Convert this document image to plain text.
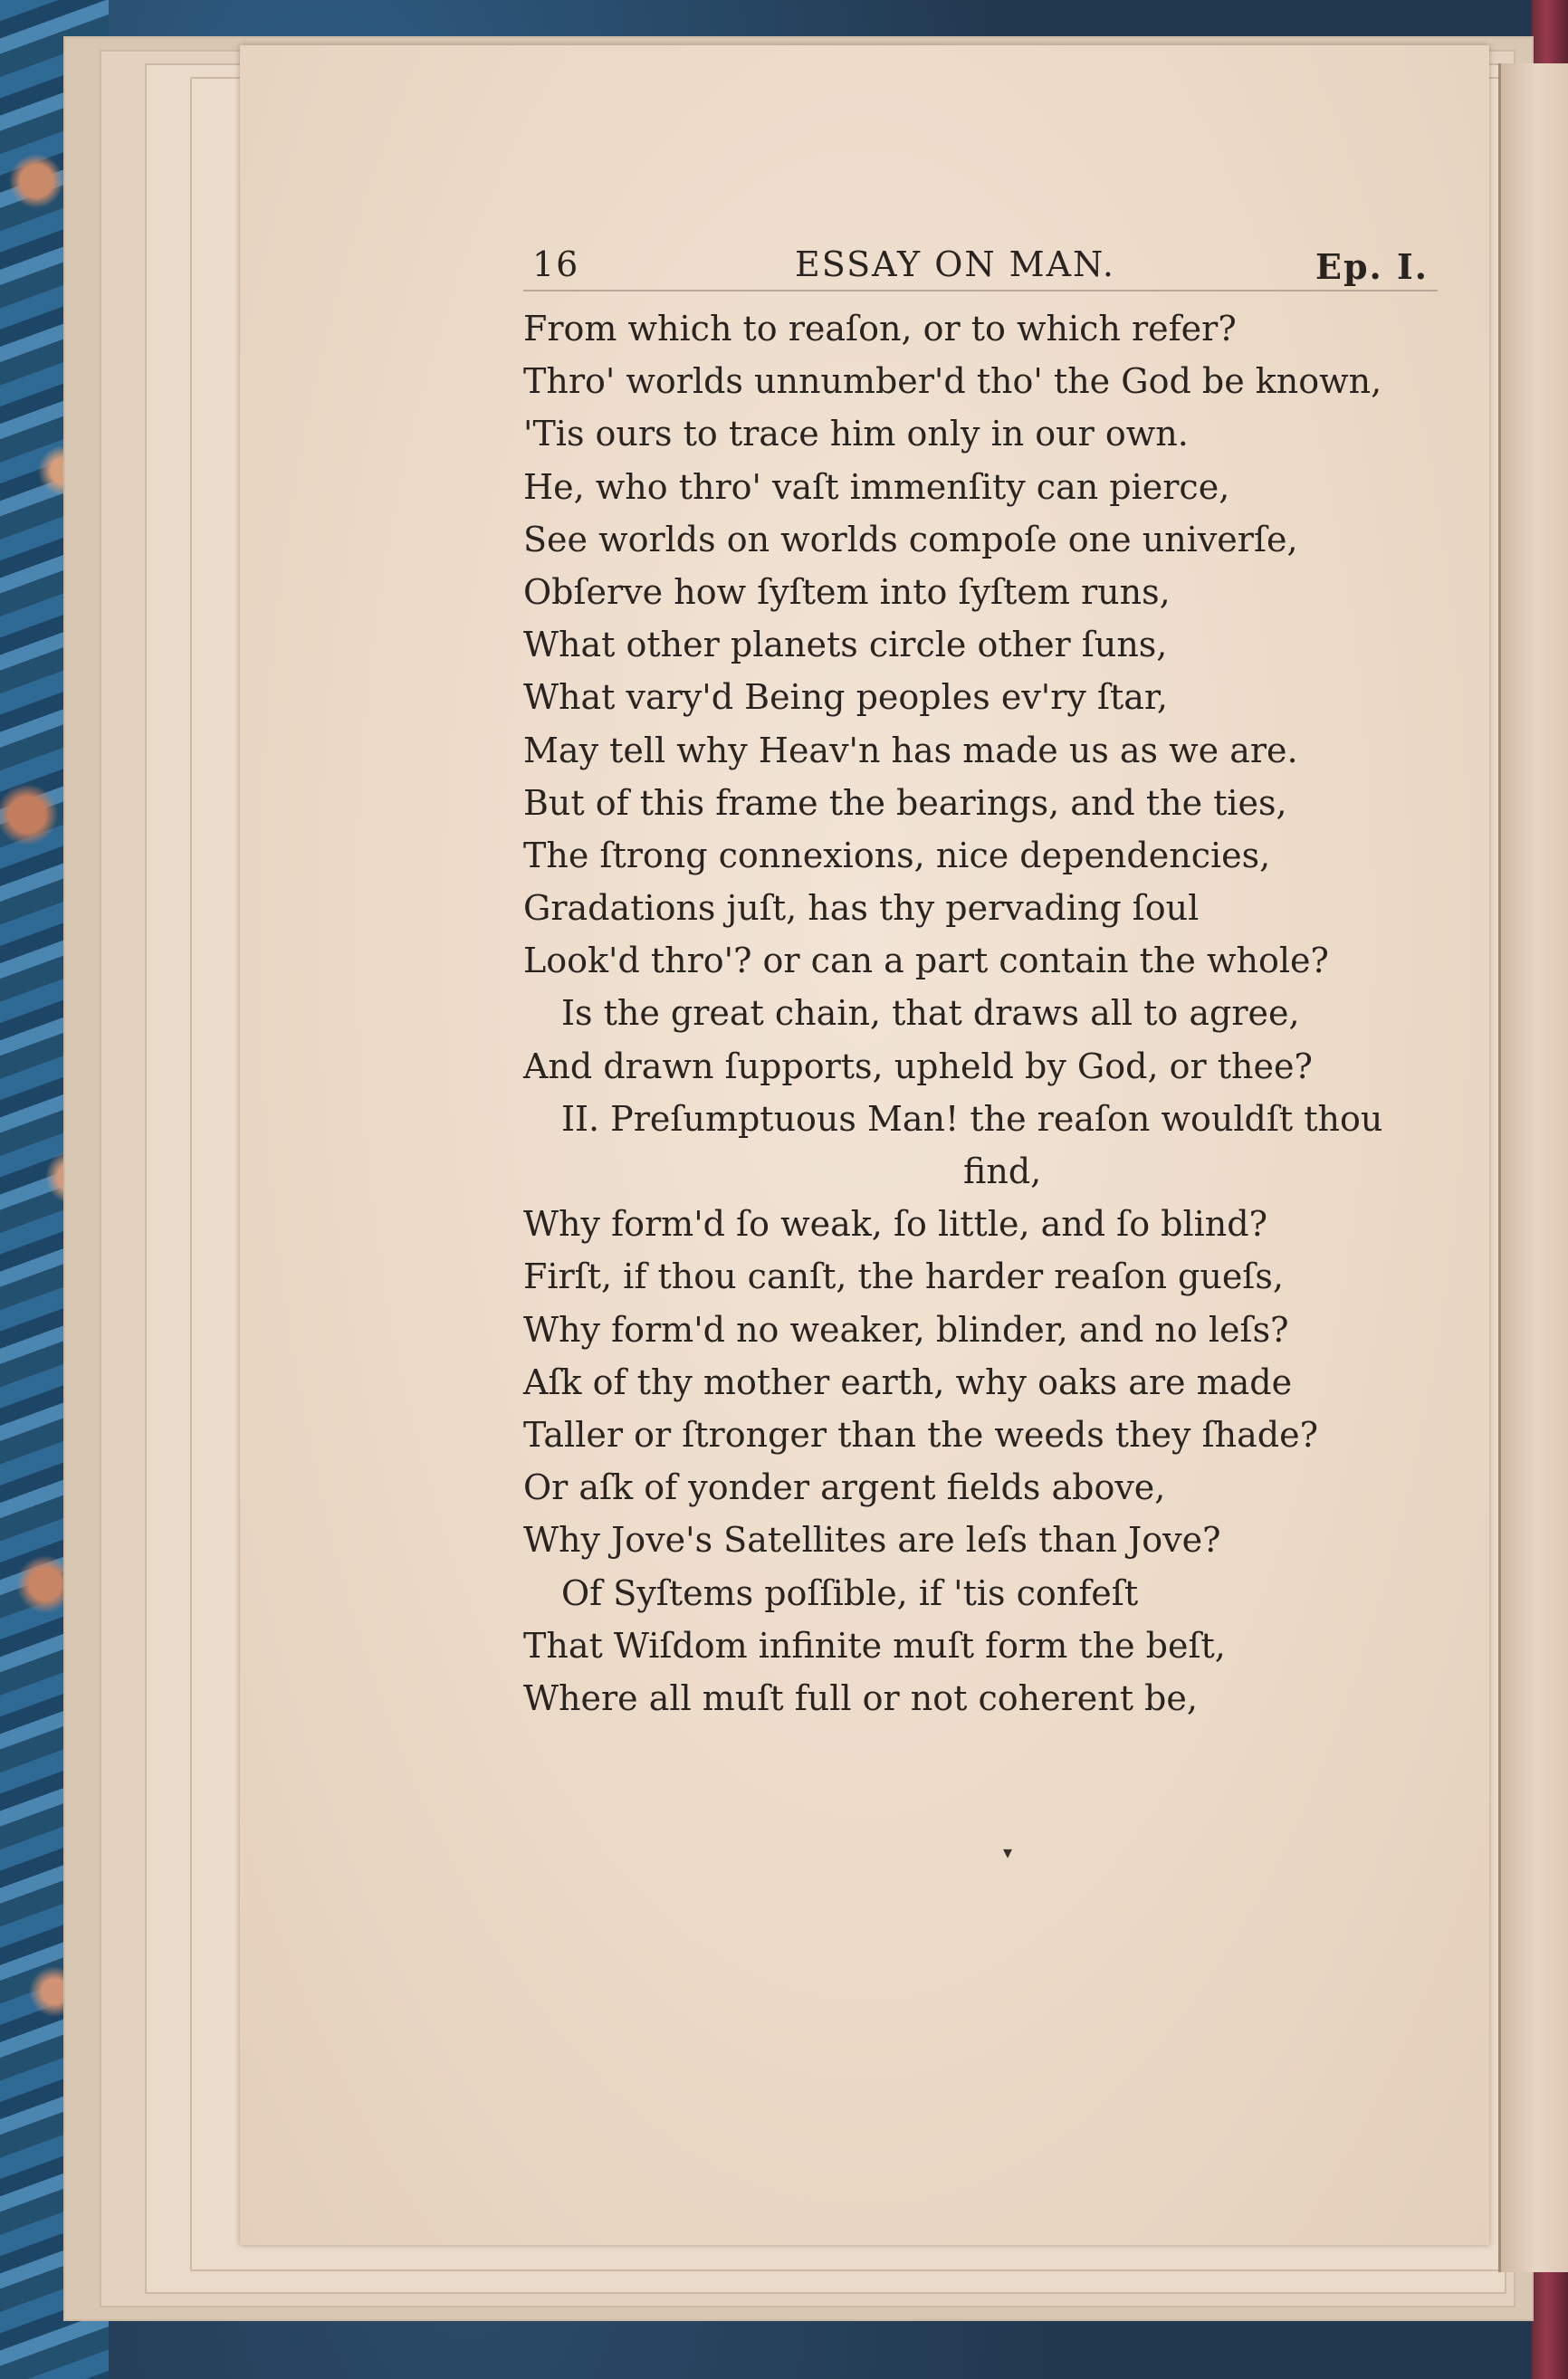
16	ESSAY ON MAN.	Ep. I.
From which to reaſon, or to which refer?
Thro' worlds unnumber'd tho' the God be known,
'Tis ours to trace him only in our own.
He, who thro' vaſt immenſity can pierce,
See worlds on worlds compoſe one univerſe,
Obſerve how ſyſtem into ſyſtem runs,
What other planets circle other ſuns,
What vary'd Being peoples ev'ry ſtar,
May tell why Heav'n has made us as we are.
But of this frame the bearings, and the ties,
The ſtrong connexions, nice dependencies,
Gradations juſt, has thy pervading ſoul
Look'd thro'? or can a part contain the whole?
Is the great chain, that draws all to agree,
And drawn ſupports, upheld by God, or thee?
II. Preſumptuous Man! the reaſon wouldſt thou
find,
Why form'd ſo weak, ſo little, and ſo blind?
Firſt, if thou canſt, the harder reaſon gueſs,
Why form'd no weaker, blinder, and no leſs?
Aſk of thy mother earth, why oaks are made
Taller or ſtronger than the weeds they ſhade?
Or aſk of yonder argent fields above,
Why Jove's Satellites are leſs than Jove?
Of Syſtems poſſible, if 'tis confeſt
That Wiſdom infinite muſt form the beſt,
Where all muſt full or not coherent be,
▾
